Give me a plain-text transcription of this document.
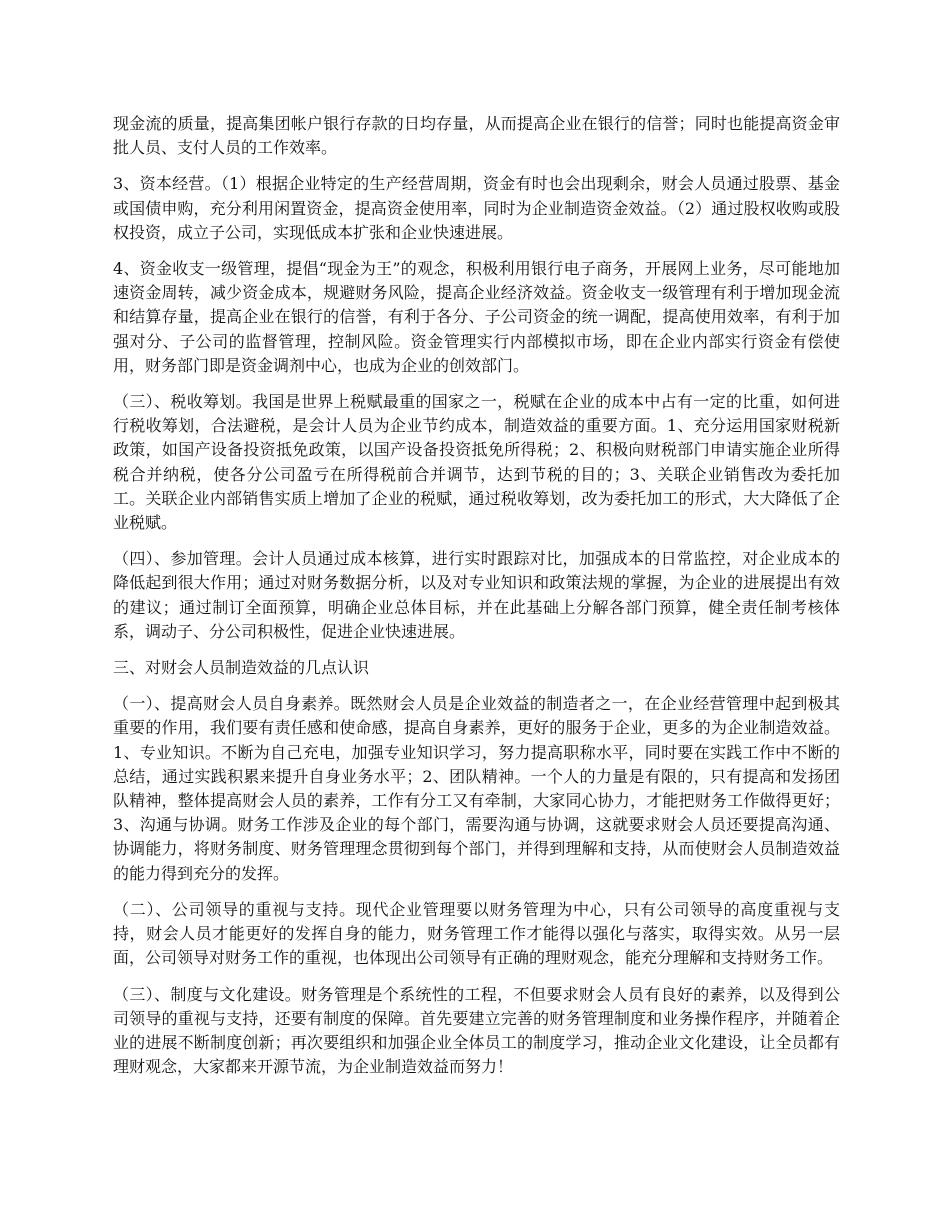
现金流的质量，提高集团帐户银行存款的日均存量，从而提高企业在银行的信誉；同时也能提高资金审批人员、支付人员的工作效率。

3、资本经营。（1）根据企业特定的生产经营周期，资金有时也会出现剩余，财会人员通过股票、基金或国债申购，充分利用闲置资金，提高资金使用率，同时为企业制造资金效益。（2）通过股权收购或股权投资，成立子公司，实现低成本扩张和企业快速进展。

4、资金收支一级管理，提倡“现金为王”的观念，积极利用银行电子商务，开展网上业务，尽可能地加速资金周转，减少资金成本，规避财务风险，提高企业经济效益。资金收支一级管理有利于增加现金流和结算存量，提高企业在银行的信誉，有利于各分、子公司资金的统一调配，提高使用效率，有利于加强对分、子公司的监督管理，控制风险。资金管理实行内部模拟市场，即在企业内部实行资金有偿使用，财务部门即是资金调剂中心，也成为企业的创效部门。

（三）、税收筹划。我国是世界上税赋最重的国家之一，税赋在企业的成本中占有一定的比重，如何进行税收筹划，合法避税，是会计人员为企业节约成本，制造效益的重要方面。1、充分运用国家财税新政策，如国产设备投资抵免政策，以国产设备投资抵免所得税；2、积极向财税部门申请实施企业所得税合并纳税，使各分公司盈亏在所得税前合并调节，达到节税的目的；3、关联企业销售改为委托加工。关联企业内部销售实质上增加了企业的税赋，通过税收筹划，改为委托加工的形式，大大降低了企业税赋。

（四）、参加管理。会计人员通过成本核算，进行实时跟踪对比，加强成本的日常监控，对企业成本的降低起到很大作用；通过对财务数据分析，以及对专业知识和政策法规的掌握，为企业的进展提出有效的建议；通过制订全面预算，明确企业总体目标，并在此基础上分解各部门预算，健全责任制考核体系，调动子、分公司积极性，促进企业快速进展。

三、对财会人员制造效益的几点认识

（一）、提高财会人员自身素养。既然财会人员是企业效益的制造者之一，在企业经营管理中起到极其重要的作用，我们要有责任感和使命感，提高自身素养，更好的服务于企业，更多的为企业制造效益。1、专业知识。不断为自己充电，加强专业知识学习，努力提高职称水平，同时要在实践工作中不断的总结，通过实践积累来提升自身业务水平；2、团队精神。一个人的力量是有限的，只有提高和发扬团队精神，整体提高财会人员的素养，工作有分工又有牵制，大家同心协力，才能把财务工作做得更好；3、沟通与协调。财务工作涉及企业的每个部门，需要沟通与协调，这就要求财会人员还要提高沟通、协调能力，将财务制度、财务管理理念贯彻到每个部门，并得到理解和支持，从而使财会人员制造效益的能力得到充分的发挥。

（二）、公司领导的重视与支持。现代企业管理要以财务管理为中心，只有公司领导的高度重视与支持，财会人员才能更好的发挥自身的能力，财务管理工作才能得以强化与落实，取得实效。从另一层面，公司领导对财务工作的重视，也体现出公司领导有正确的理财观念，能充分理解和支持财务工作。

（三）、制度与文化建设。财务管理是个系统性的工程，不但要求财会人员有良好的素养，以及得到公司领导的重视与支持，还要有制度的保障。首先要建立完善的财务管理制度和业务操作程序，并随着企业的进展不断制度创新；再次要组织和加强企业全体员工的制度学习，推动企业文化建设，让全员都有理财观念，大家都来开源节流，为企业制造效益而努力！
